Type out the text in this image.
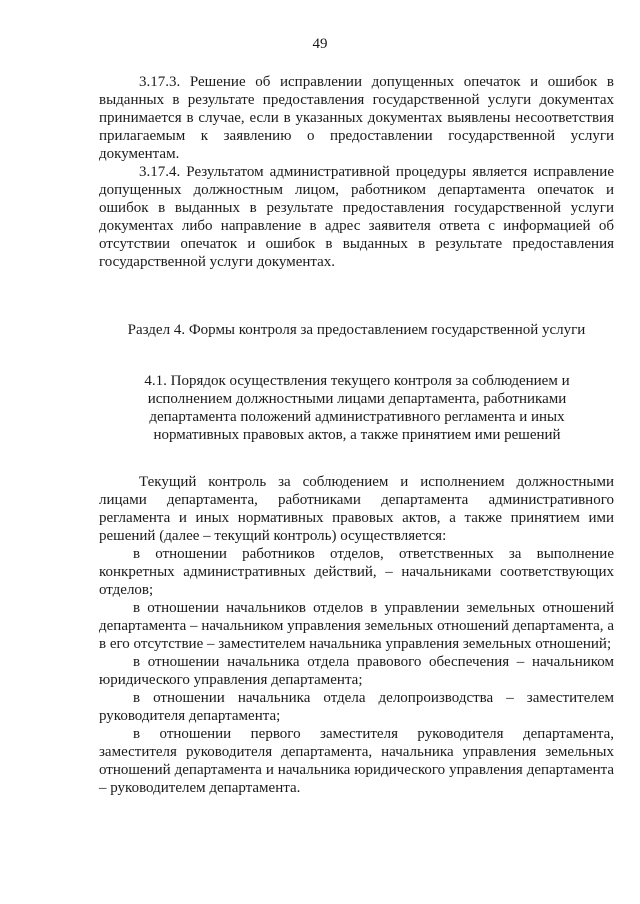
49

3.17.3. Решение об исправлении допущенных опечаток и ошибок в выданных в результате предоставления государственной услуги документах принимается в случае, если в указанных документах выявлены несоответствия прилагаемым к заявлению о предоставлении государственной услуги документам.

3.17.4. Результатом административной процедуры является исправление допущенных должностным лицом, работником департамента опечаток и ошибок в выданных в результате предоставления государственной услуги документах либо направление в адрес заявителя ответа с информацией об отсутствии опечаток и ошибок в выданных в результате предоставления государственной услуги документах.

Раздел 4. Формы контроля за предоставлением государственной услуги
4.1. Порядок осуществления текущего контроля за соблюдением и исполнением должностными лицами департамента, работниками департамента положений административного регламента и иных нормативных правовых актов, а также принятием ими решений

Текущий контроль за соблюдением и исполнением должностными лицами департамента, работниками департамента административного регламента и иных нормативных правовых актов, а также принятием ими решений (далее – текущий контроль) осуществляется:

в отношении работников отделов, ответственных за выполнение конкретных административных действий, – начальниками соответствующих отделов;

в отношении начальников отделов в управлении земельных отношений департамента – начальником управления земельных отношений департамента, а в его отсутствие – заместителем начальника управления земельных отношений;

в отношении начальника отдела правового обеспечения – начальником юридического управления департамента;

в отношении начальника отдела делопроизводства – заместителем руководителя департамента;

в отношении первого заместителя руководителя департамента, заместителя руководителя департамента, начальника управления земельных отношений департамента и начальника юридического управления департамента – руководителем департамента.
